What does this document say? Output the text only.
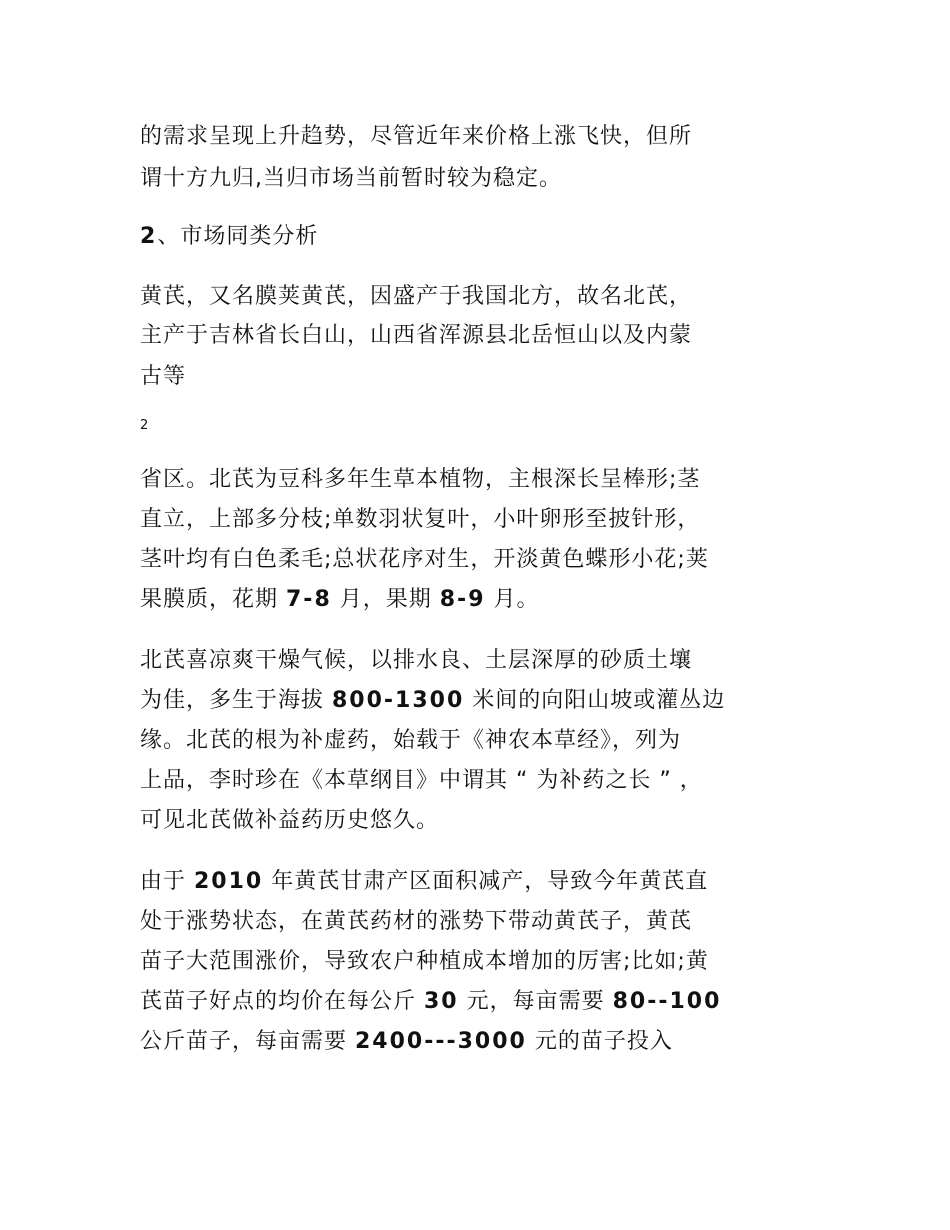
的需求呈现上升趋势，尽管近年来价格上涨飞快，但所
谓十方九归,当归市场当前暂时较为稳定。
2、市场同类分析
黄芪，又名膜荚黄芪，因盛产于我国北方，故名北芪，
主产于吉林省长白山，山西省浑源县北岳恒山以及内蒙
古等
2
省区。北芪为豆科多年生草本植物，主根深长呈棒形;茎
直立，上部多分枝;单数羽状复叶，小叶卵形至披针形，
茎叶均有白色柔毛;总状花序对生，开淡黄色蝶形小花;荚
果膜质，花期 7-8 月，果期 8-9 月。
北芪喜凉爽干燥气候，以排水良、土层深厚的砂质土壤
为佳，多生于海拔 800-1300 米间的向阳山坡或灌丛边
缘。北芪的根为补虚药，始载于《神农本草经》，列为
上品，李时珍在《本草纲目》中谓其 “ 为补药之长 ” ，
可见北芪做补益药历史悠久。
由于 2010 年黄芪甘肃产区面积减产，导致今年黄芪直
处于涨势状态，在黄芪药材的涨势下带动黄芪子，黄芪
苗子大范围涨价，导致农户种植成本增加的厉害;比如;黄
芪苗子好点的均价在每公斤 30 元，每亩需要 80--100
公斤苗子，每亩需要 2400---3000 元的苗子投入
